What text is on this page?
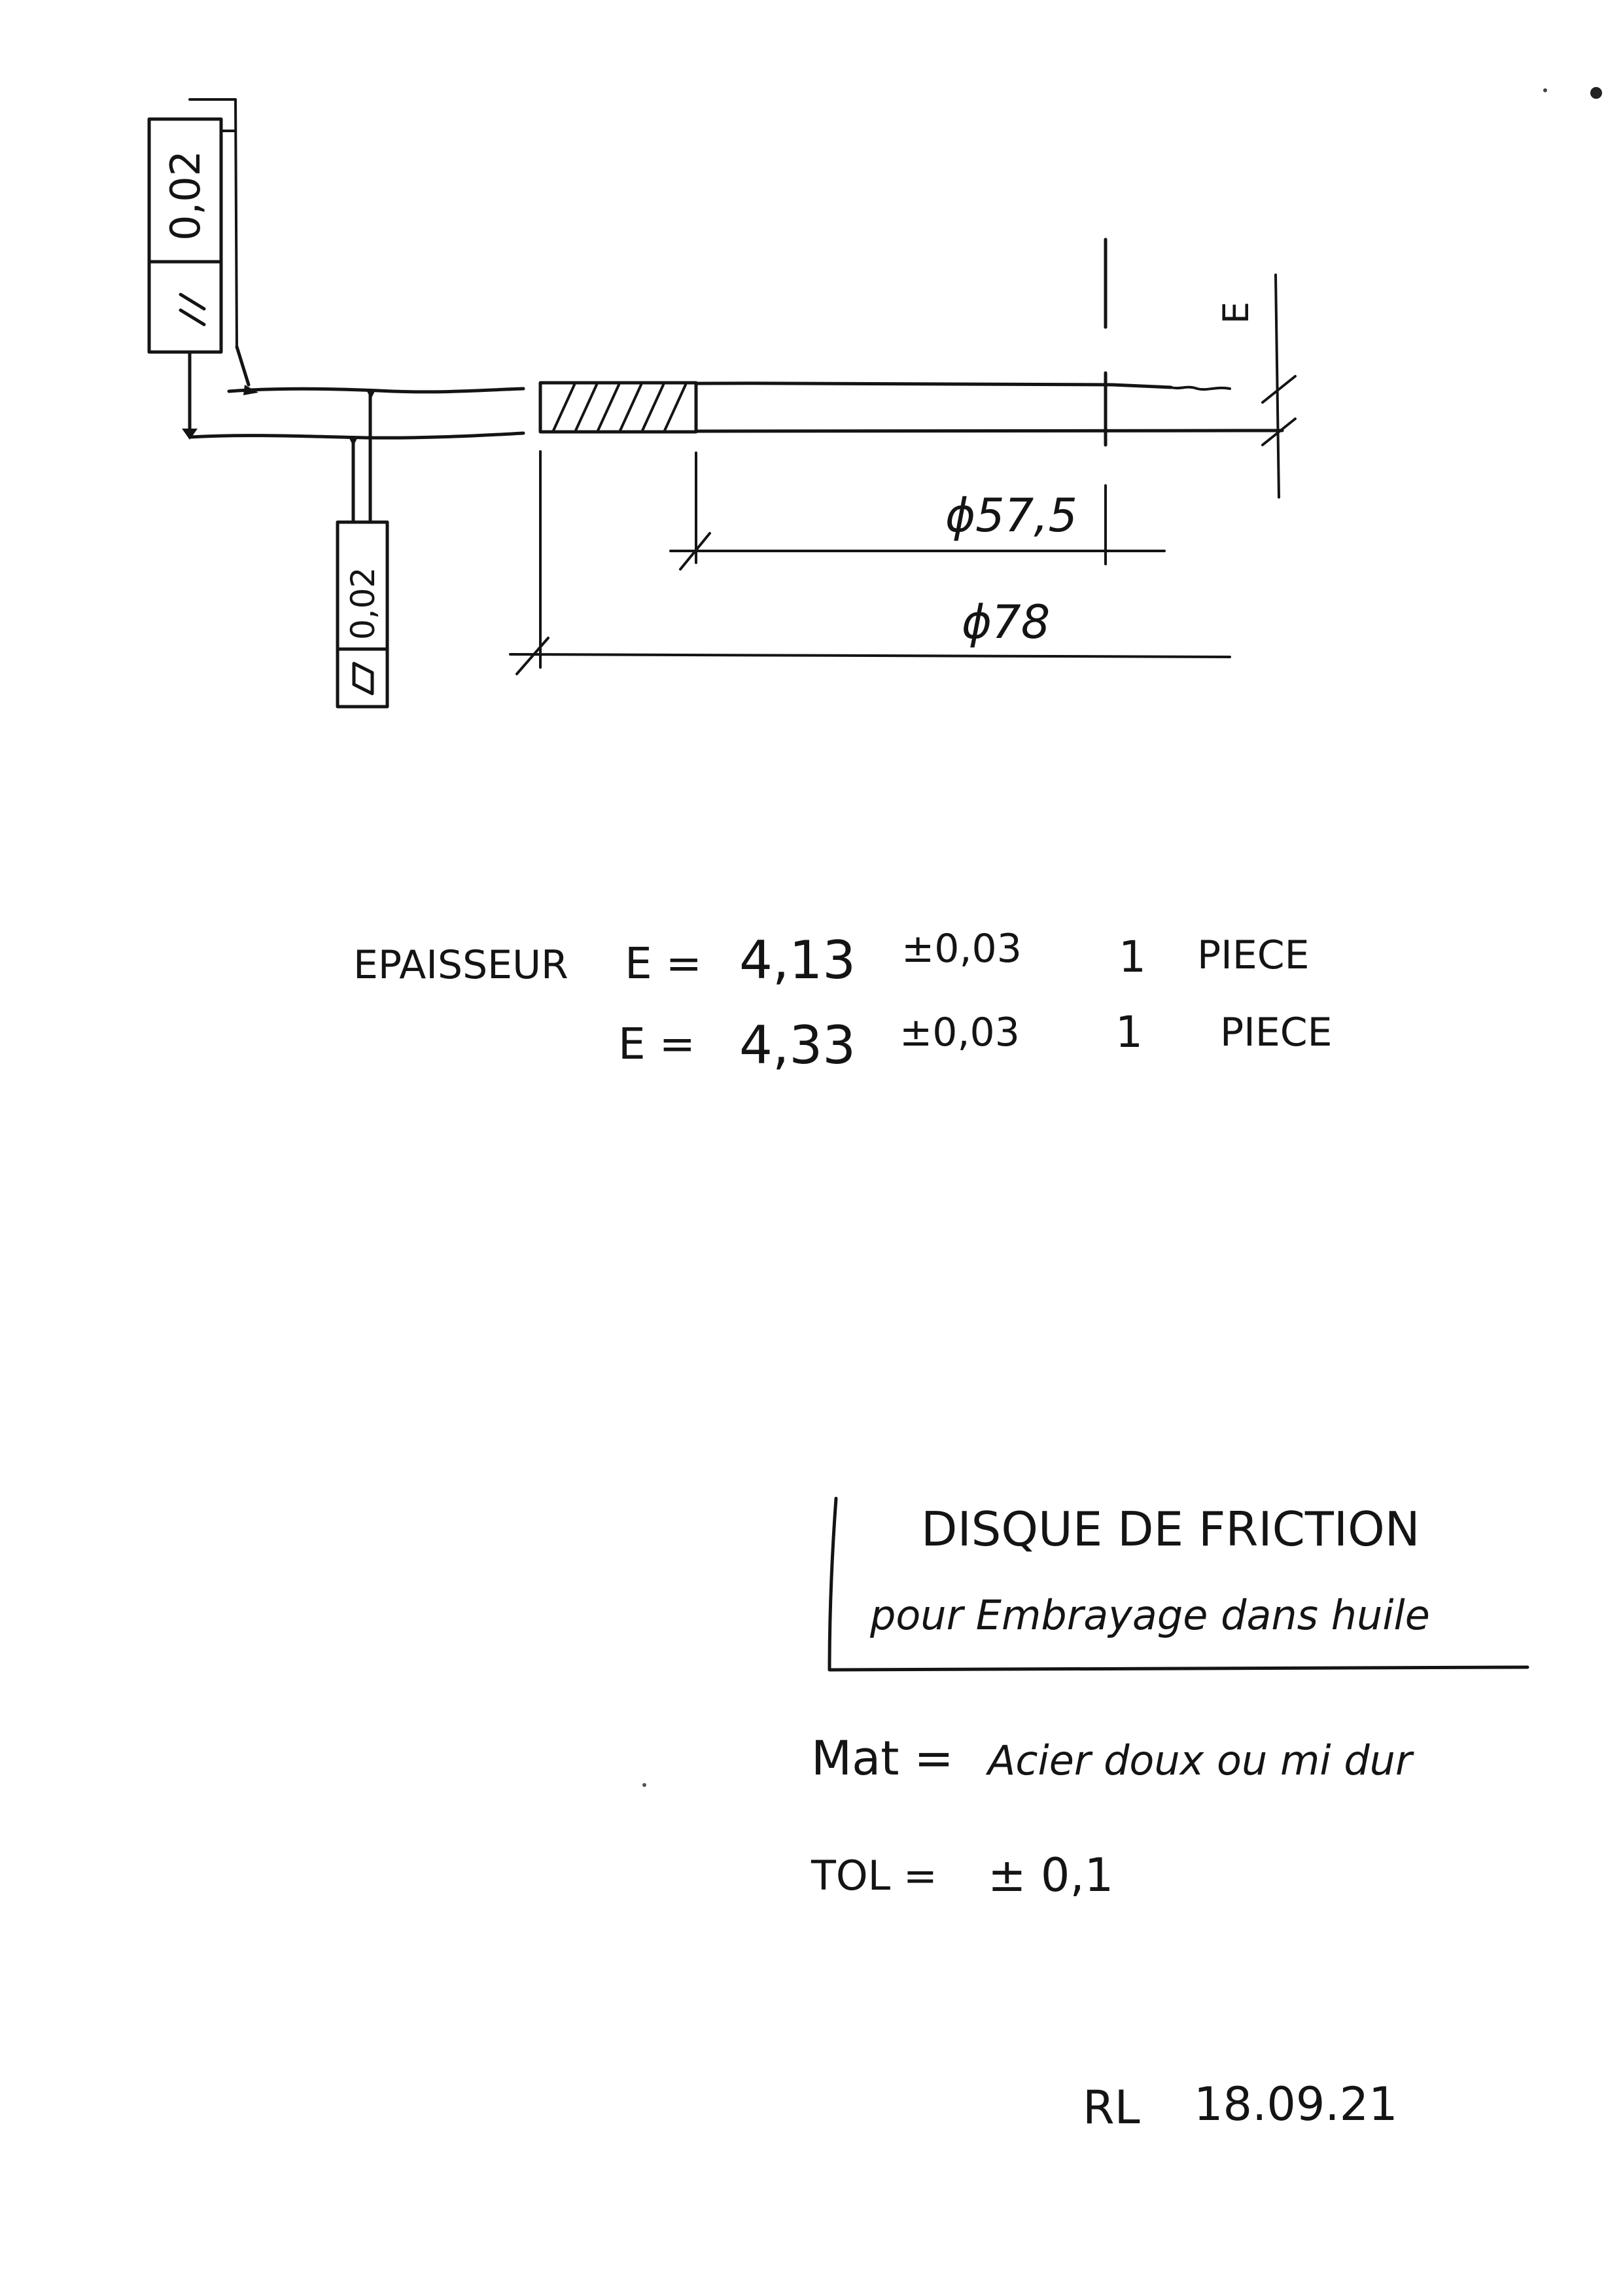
0,02
0,02
ϕ57,5
ϕ78
E
EPAISSEUR E = 4,13 ±0,03 1 PIECE
E = 4,33 ±0,03 1 PIECE
DISQUE DE FRICTION
pour Embrayage dans huile
Mat = Acier doux ou mi dur
TOL = ± 0,1
RL 18.09.21
